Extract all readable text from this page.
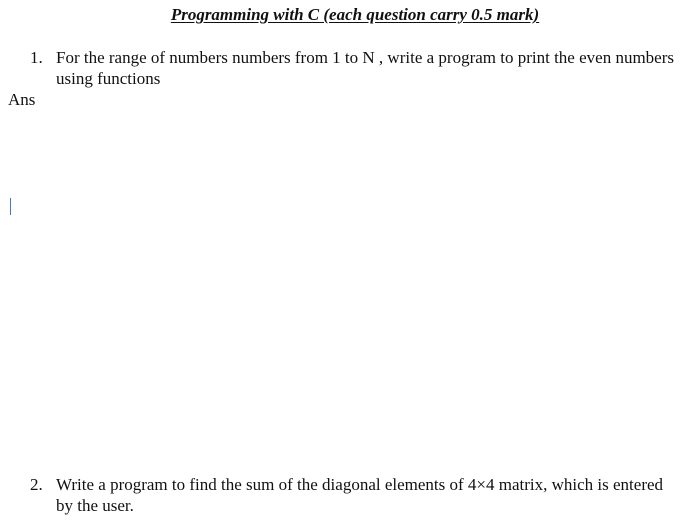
Programming with C (each question carry 0.5 mark)
1. For the range of numbers numbers from 1 to N , write a program to print the even numbers using functions
Ans
2. Write a program to find the sum of the diagonal elements of 4×4 matrix, which is entered by the user.
